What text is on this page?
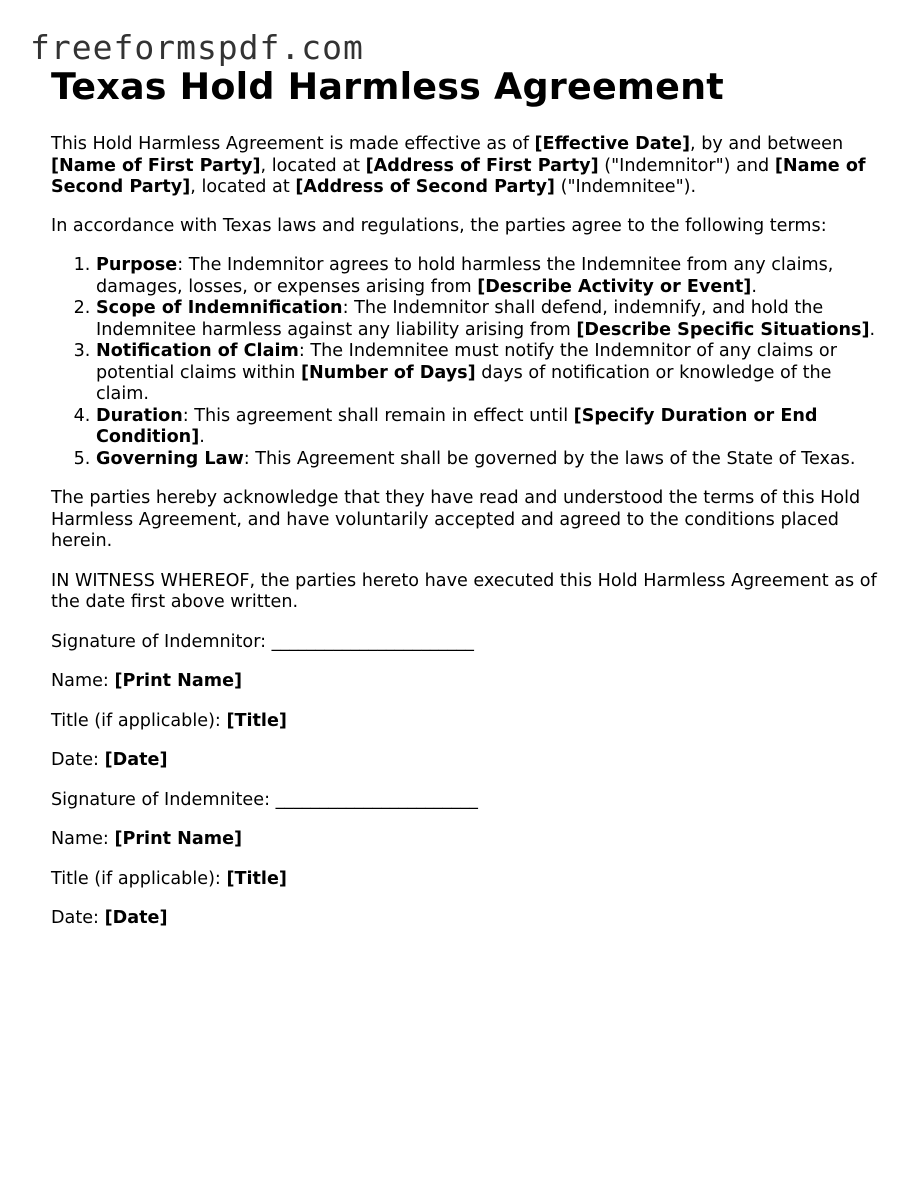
freeformspdf.com
Texas Hold Harmless Agreement

This Hold Harmless Agreement is made effective as of [Effective Date], by and between [Name of First Party], located at [Address of First Party] ("Indemnitor") and [Name of Second Party], located at [Address of Second Party] ("Indemnitee").

In accordance with Texas laws and regulations, the parties agree to the following terms:

1. Purpose: The Indemnitor agrees to hold harmless the Indemnitee from any claims, damages, losses, or expenses arising from [Describe Activity or Event].
2. Scope of Indemnification: The Indemnitor shall defend, indemnify, and hold the Indemnitee harmless against any liability arising from [Describe Specific Situations].
3. Notification of Claim: The Indemnitee must notify the Indemnitor of any claims or potential claims within [Number of Days] days of notification or knowledge of the claim.
4. Duration: This agreement shall remain in effect until [Specify Duration or End Condition].
5. Governing Law: This Agreement shall be governed by the laws of the State of Texas.

The parties hereby acknowledge that they have read and understood the terms of this Hold Harmless Agreement, and have voluntarily accepted and agreed to the conditions placed herein.

IN WITNESS WHEREOF, the parties hereto have executed this Hold Harmless Agreement as of the date first above written.

Signature of Indemnitor: _______________________

Name: [Print Name]

Title (if applicable): [Title]

Date: [Date]

Signature of Indemnitee: _______________________

Name: [Print Name]

Title (if applicable): [Title]

Date: [Date]
